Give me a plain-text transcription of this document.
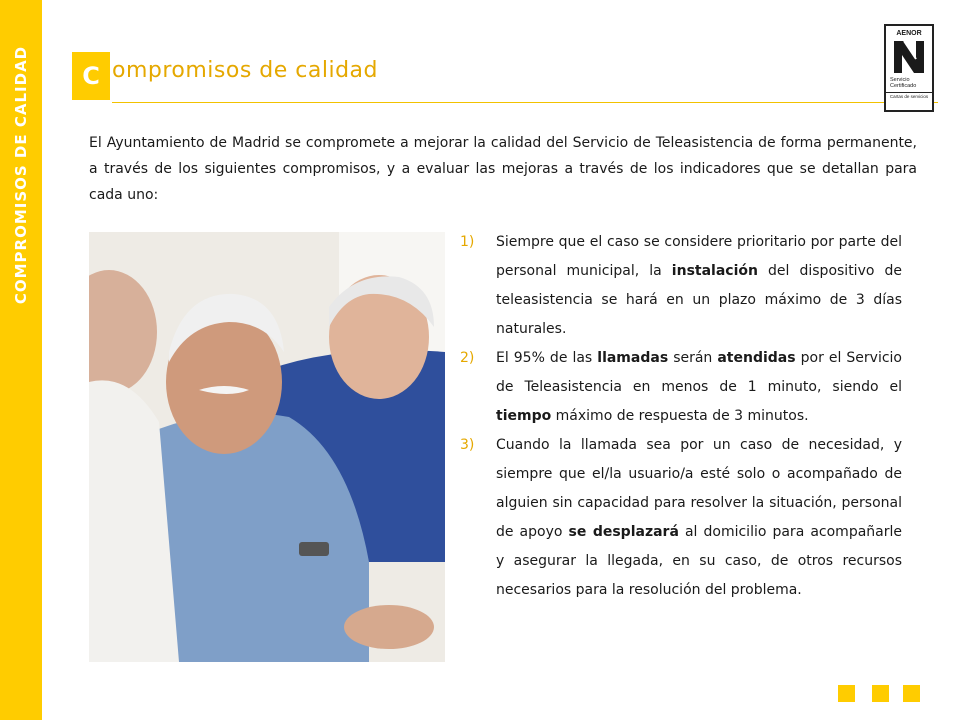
COMPROMISOS DE CALIDAD	C ompromisos de calidad
AENOR
Servicio
Certificado
Cartas de servicios

El Ayuntamiento de Madrid se compromete a mejorar la calidad del Servicio de Teleasistencia de forma permanente, a través de los siguientes compromisos, y a evaluar las mejoras a través de los indicadores que se detallan para cada uno:

1) Siempre que el caso se considere prioritario por parte del personal municipal, la instalación del dispositivo de teleasistencia se hará en un plazo máximo de 3 días naturales.
2) El 95% de las llamadas serán atendidas por el Servicio de Teleasistencia en menos de 1 minuto, siendo el tiempo máximo de respuesta de 3 minutos.
3) Cuando la llamada sea por un caso de necesidad, y siempre que el/la usuario/a esté solo o acompañado de alguien sin capacidad para resolver la situación, personal de apoyo se desplazará al domicilio para acompañarle y asegurar la llegada, en su caso, de otros recursos necesarios para la resolución del problema.
